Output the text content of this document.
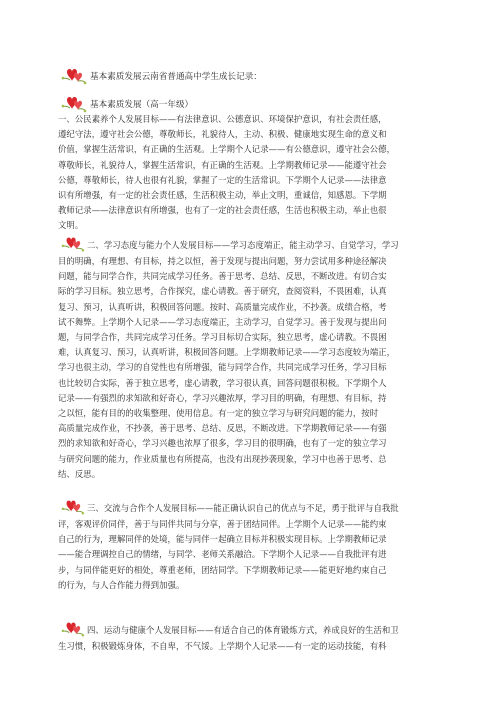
基本素质发展云南省普通高中学生成长记录：
基本素质发展（高一年级）

一、公民素养个人发展目标——有法律意识、公德意识、环境保护意识，有社会责任感，
遵纪守法，遵守社会公德，尊敬师长，礼貌待人，主动、积极、健康地实现生命的意义和
价值，掌握生活常识，有正确的生活观。上学期个人记录——有公德意识，遵守社会公德，
尊敬师长，礼貌待人，掌握生活常识，有正确的生活观。上学期教师记录——能遵守社会
公德，尊敬师长，待人也很有礼貌，掌握了一定的生活常识。下学期个人记录——法律意
识有所增强，有一定的社会责任感，生活积极主动，举止文明，重诚信，知感恩。下学期
教师记录——法律意识有所增强，也有了一定的社会责任感，生活也积极主动，举止也很
文明。

二、学习态度与能力个人发展目标——学习态度端正，能主动学习、自觉学习，学习
目的明确，有理想、有目标，持之以恒，善于发现与提出问题，努力尝试用多种途径解决
问题，能与同学合作，共同完成学习任务。善于思考、总结、反思，不断改进。有切合实
际的学习目标。独立思考，合作探究，虚心请教。善于研究，查阅资料，不畏困难，认真
复习、预习，认真听讲，积极回答问题。按时、高质量完成作业，不抄袭。成绩合格，考
试不舞弊。上学期个人记录——学习态度端正，主动学习，自觉学习。善于发现与提出问
题，与同学合作，共同完成学习任务。学习目标切合实际，独立思考，虚心请教。不畏困
难，认真复习、预习，认真听讲，积极回答问题。上学期教师记录——学习态度较为端正，
学习也很主动，学习的自觉性也有所增强，能与同学合作，共同完成学习任务，学习目标
也比较切合实际，善于独立思考，虚心请教，学习很认真，回答问题很积极。下学期个人
记录——有强烈的求知欲和好奇心，学习兴趣浓厚，学习目的明确，有理想、有目标，持
之以恒，能有目的的收集整理、使用信息。有一定的独立学习与研究问题的能力，按时
高质量完成作业，不抄袭，善于思考、总结、反思，不断改进。下学期教师记录——有强
烈的求知欲和好奇心，学习兴趣也浓厚了很多，学习目的很明确，也有了一定的独立学习
与研究问题的能力，作业质量也有所提高，也没有出现抄袭现象，学习中也善于思考、总
结、反思。

三、交流与合作个人发展目标——能正确认识自己的优点与不足，勇于批评与自我批
评，客观评价同伴，善于与同伴共同与分享，善于团结同伴。上学期个人记录——能约束
自己的行为，理解同伴的处境，能与同伴一起确立目标并积极实现目标。上学期教师记录
——能合理调控自己的情绪，与同学、老师关系融洽。下学期个人记录——自我批评有进
步，与同伴能更好的相处，尊重老师，团结同学。下学期教师记录——能更好地约束自己
的行为，与人合作能力得到加强。

四、运动与健康个人发展目标——有适合自己的体育锻炼方式，养成良好的生活和卫
生习惯，积极锻炼身体，不自卑，不气馁。上学期个人记录——有一定的运动技能，有科
